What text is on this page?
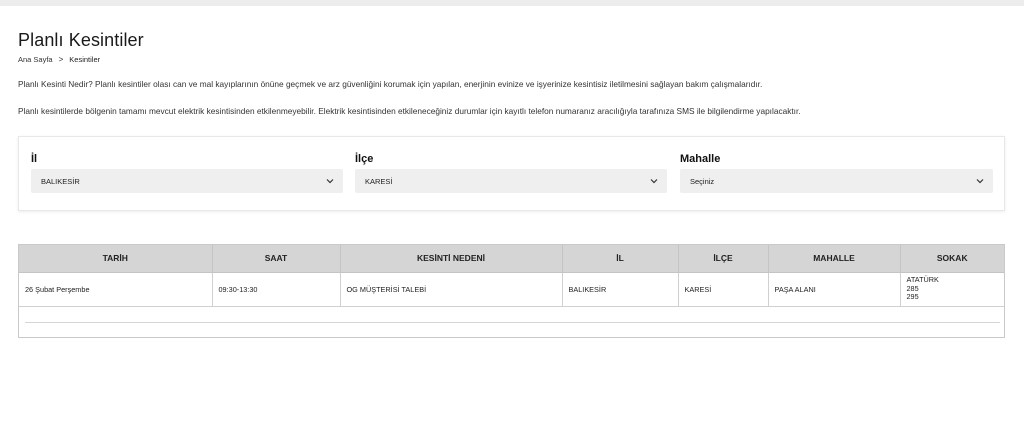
Planlı Kesintiler
Ana Sayfa > Kesintiler

Planlı Kesinti Nedir? Planlı kesintiler olası can ve mal kayıplarının önüne geçmek ve arz güvenliğini korumak için yapılan, enerjinin evinize ve işyerinize kesintisiz iletilmesini sağlayan bakım çalışmalarıdır.

Planlı kesintilerde bölgenin tamamı mevcut elektrik kesintisinden etkilenmeyebilir. Elektrik kesintisinden etkileneceğiniz durumlar için kayıtlı telefon numaranız aracılığıyla tarafınıza SMS ile bilgilendirme yapılacaktır.

İl
BALIKESİR
İlçe
KARESİ
Mahalle
Seçiniz
TARİH	SAAT	KESİNTİ NEDENİ	İL	İLÇE	MAHALLE	SOKAK
26 Şubat Perşembe	09:30-13:30	OG MÜŞTERİSİ TALEBİ	BALIKESİR	KARESİ	PAŞA ALANI	ATATÜRK
285
295
